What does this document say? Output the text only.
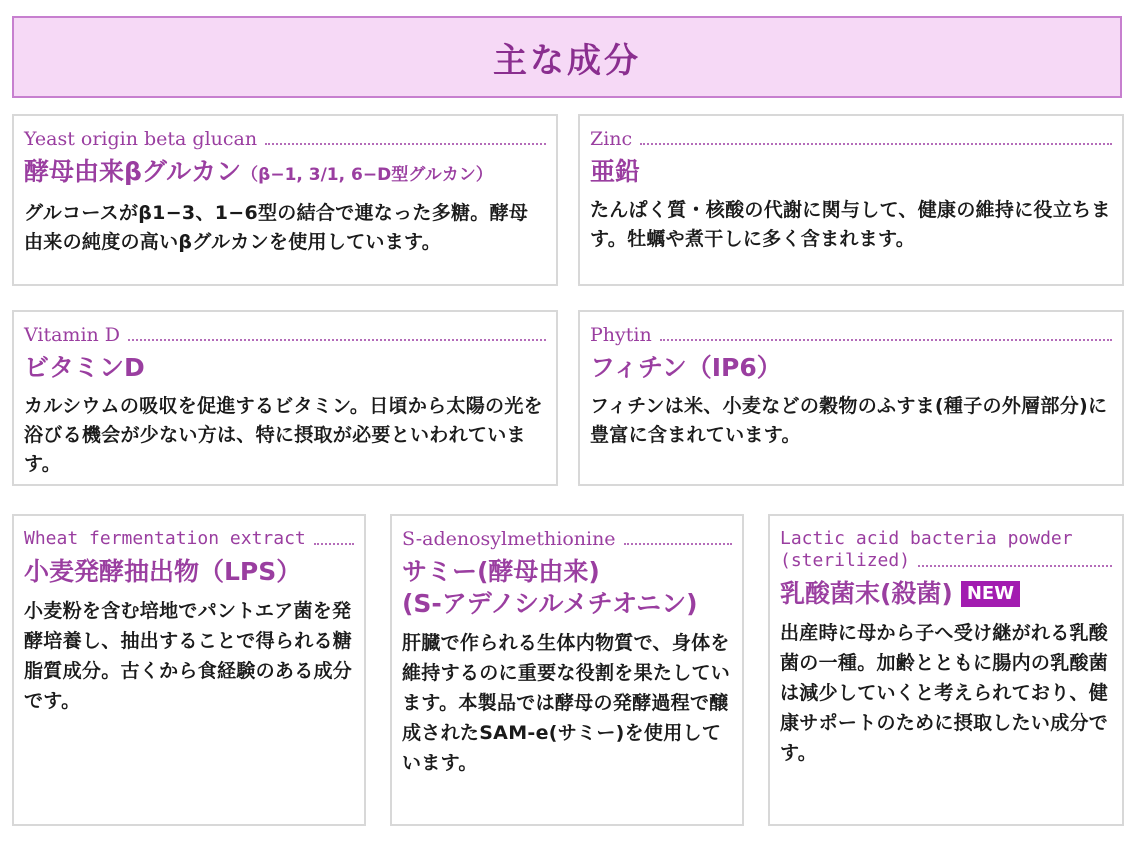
主な成分
Yeast origin beta glucan
酵母由来βグルカン（β−1, 3/1, 6−D型グルカン）

グルコースがβ1−3、1−6型の結合で連なった多糖。酵母由来の純度の高いβグルカンを使用しています。

Zinc
亜鉛

たんぱく質・核酸の代謝に関与して、健康の維持に役立ちます。牡蠣や煮干しに多く含まれます。

Vitamin D
ビタミンD

カルシウムの吸収を促進するビタミン。日頃から太陽の光を浴びる機会が少ない方は、特に摂取が必要といわれています。

Phytin
フィチン（IP6）

フィチンは米、小麦などの穀物のふすま(種子の外層部分)に豊富に含まれています。

Wheat fermentation extract
小麦発酵抽出物（LPS）

小麦粉を含む培地でパントエア菌を発酵培養し、抽出することで得られる糖脂質成分。古くから食経験のある成分です。

S-adenosylmethionine
サミー(酵母由来)
(S-アデノシルメチオニン)

肝臓で作られる生体内物質で、身体を維持するのに重要な役割を果たしています。本製品では酵母の発酵過程で醸成されたSAM-e(サミー)を使用しています。

Lactic acid bacteria powder
(sterilized)
乳酸菌末(殺菌) NEW

出産時に母から子へ受け継がれる乳酸菌の一種。加齢とともに腸内の乳酸菌は減少していくと考えられており、健康サポートのために摂取したい成分です。
